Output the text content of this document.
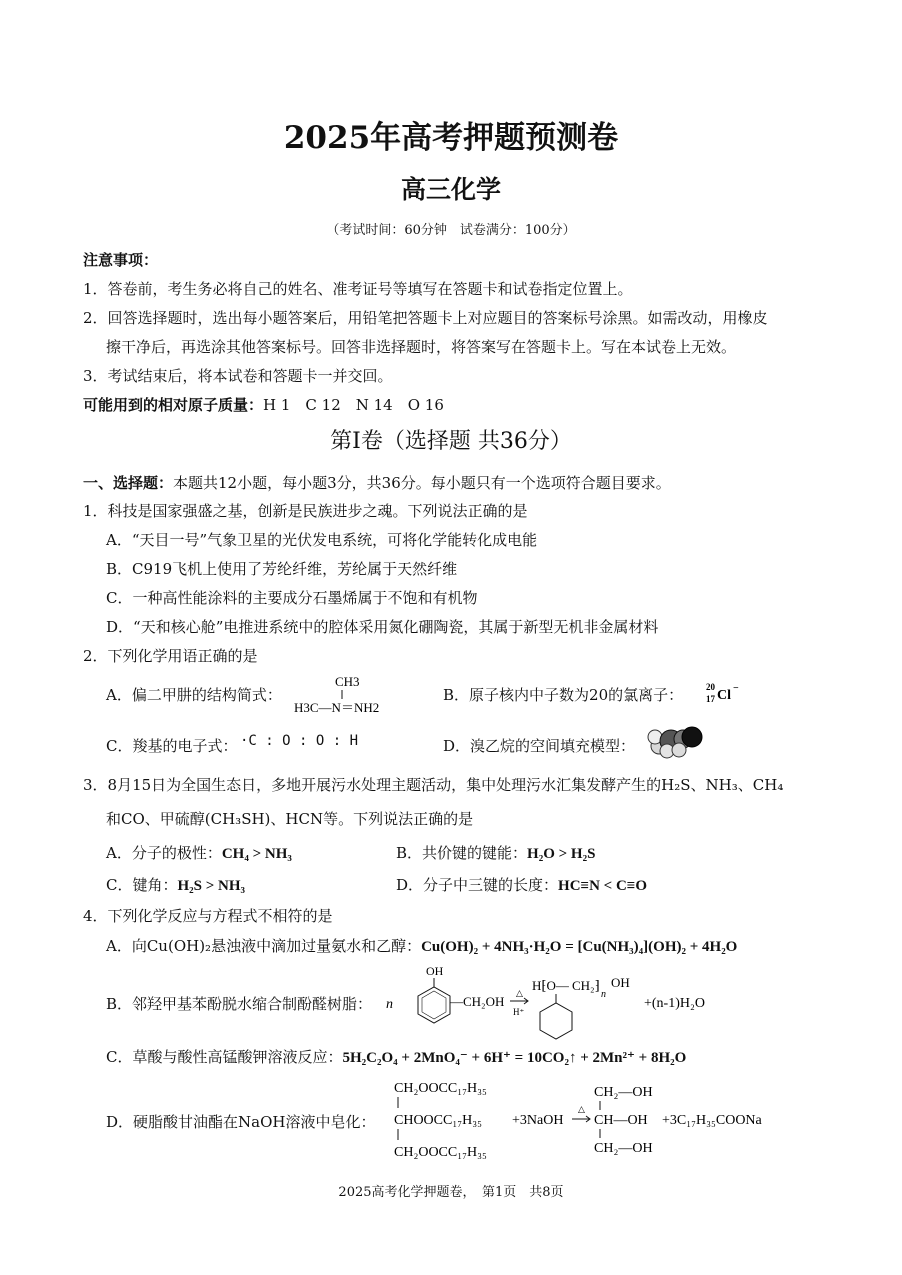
2025年高考押题预测卷
高三化学
（考试时间：60分钟　试卷满分：100分）
注意事项：
1．答卷前，考生务必将自己的姓名、准考证号等填写在答题卡和试卷指定位置上。
2．回答选择题时，选出每小题答案后，用铅笔把答题卡上对应题目的答案标号涂黑。如需改动，用橡皮
擦干净后，再选涂其他答案标号。回答非选择题时，将答案写在答题卡上。写在本试卷上无效。
3．考试结束后，将本试卷和答题卡一并交回。
可能用到的相对原子质量：H 1　C 12　N 14　O 16
第Ⅰ卷（选择题 共36分）
一、选择题：本题共12小题，每小题3分，共36分。每小题只有一个选项符合题目要求。
1．科技是国家强盛之基，创新是民族进步之魂。下列说法正确的是
A．“天目一号”气象卫星的光伏发电系统，可将化学能转化成电能
B．C919飞机上使用了芳纶纤维，芳纶属于天然纤维
C．一种高性能涂料的主要成分石墨烯属于不饱和有机物
D．“天和核心舱”电推进系统中的腔体采用氮化硼陶瓷，其属于新型无机非金属材料
2．下列化学用语正确的是
A．偏二甲肼的结构简式：
CH3
H3C—N＝NH2
B．原子核内中子数为20的氯离子：	20
17 Cl −
C．羧基的电子式： ·C : O : O : H	D．溴乙烷的空间填充模型：
3．8月15日为全国生态日，多地开展污水处理主题活动，集中处理污水汇集发酵产生的H₂S、NH₃、CH₄
和CO、甲硫醇(CH₃SH)、HCN等。下列说法正确的是
A．分子的极性：CH₄ > NH₃	B．共价键的键能：H₂O > H₂S
C．键角：H₂S > NH₃	D．分子中三键的长度：HC≡N < C≡O
4．下列化学反应与方程式不相符的是
A．向Cu(OH)₂悬浊液中滴加过量氨水和乙醇：Cu(OH)₂ + 4NH₃·H₂O = [Cu(NH₃)₄](OH)₂ + 4H₂O
B．邻羟甲基苯酚脱水缩合制酚醛树脂： n
OH
—CH₂OH
△
H⁺
H⁅O— CH₂⁆
n
OH
+(n-1)H₂O
C．草酸与酸性高锰酸钾溶液反应：5H₂C₂O₄ + 2MnO₄⁻ + 6H⁺ = 10CO₂↑ + 2Mn²⁺ + 8H₂O
D．硬脂酸甘油酯在NaOH溶液中皂化：
CH₂OOCC₁₇H₃₅
CHOOCC₁₇H₃₅
CH₂OOCC₁₇H₃₅
+3NaOH
△
CH₂—OH
CH—OH
CH₂—OH
+3C₁₇H₃₅COONa
2025高考化学押题卷，　第1页　共8页
